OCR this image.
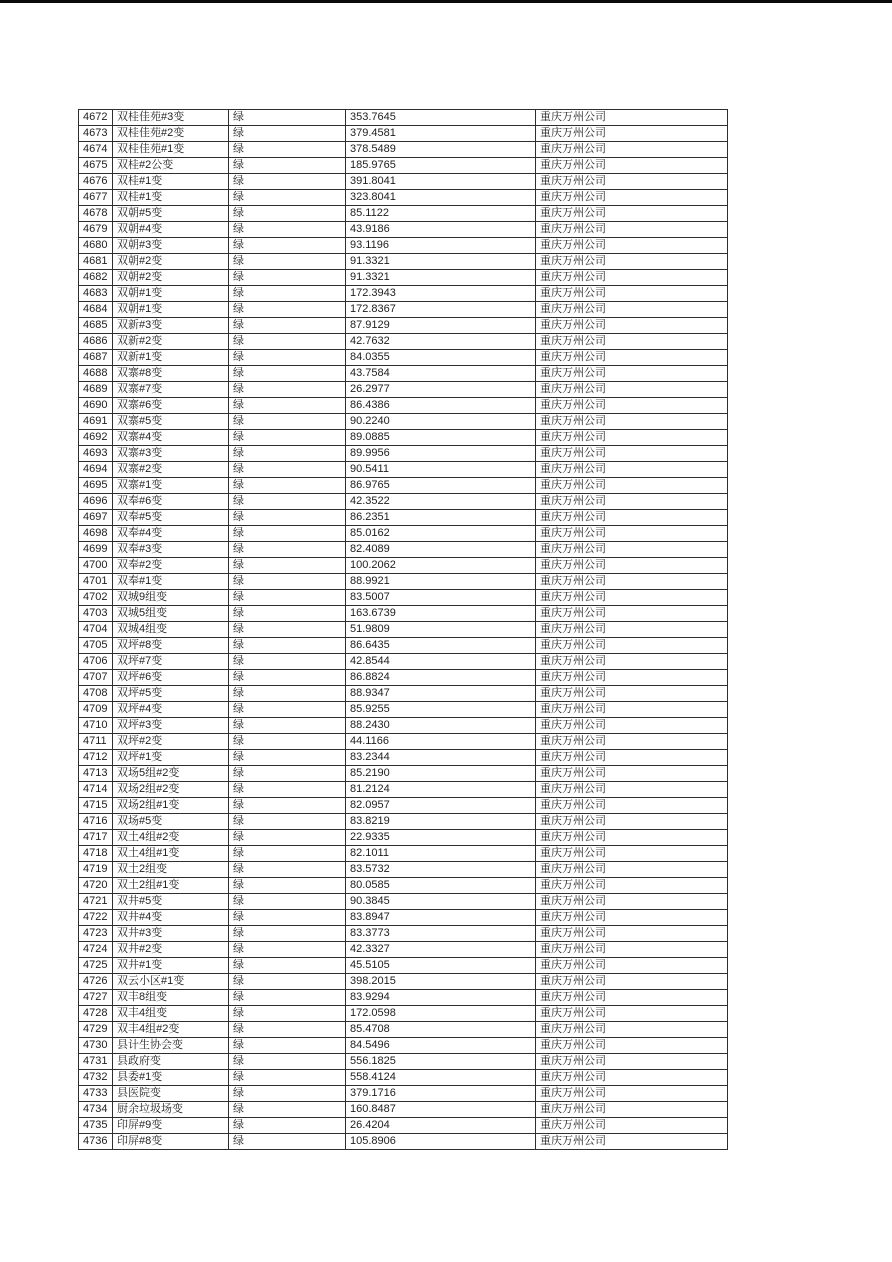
4672	双桂佳苑#3变	绿	353.7645	重庆万州公司
4673	双桂佳苑#2变	绿	379.4581	重庆万州公司
4674	双桂佳苑#1变	绿	378.5489	重庆万州公司
4675	双桂#2公变	绿	185.9765	重庆万州公司
4676	双桂#1变	绿	391.8041	重庆万州公司
4677	双桂#1变	绿	323.8041	重庆万州公司
4678	双朝#5变	绿	85.1122	重庆万州公司
4679	双朝#4变	绿	43.9186	重庆万州公司
4680	双朝#3变	绿	93.1196	重庆万州公司
4681	双朝#2变	绿	91.3321	重庆万州公司
4682	双朝#2变	绿	91.3321	重庆万州公司
4683	双朝#1变	绿	172.3943	重庆万州公司
4684	双朝#1变	绿	172.8367	重庆万州公司
4685	双新#3变	绿	87.9129	重庆万州公司
4686	双新#2变	绿	42.7632	重庆万州公司
4687	双新#1变	绿	84.0355	重庆万州公司
4688	双寨#8变	绿	43.7584	重庆万州公司
4689	双寨#7变	绿	26.2977	重庆万州公司
4690	双寨#6变	绿	86.4386	重庆万州公司
4691	双寨#5变	绿	90.2240	重庆万州公司
4692	双寨#4变	绿	89.0885	重庆万州公司
4693	双寨#3变	绿	89.9956	重庆万州公司
4694	双寨#2变	绿	90.5411	重庆万州公司
4695	双寨#1变	绿	86.9765	重庆万州公司
4696	双奉#6变	绿	42.3522	重庆万州公司
4697	双奉#5变	绿	86.2351	重庆万州公司
4698	双奉#4变	绿	85.0162	重庆万州公司
4699	双奉#3变	绿	82.4089	重庆万州公司
4700	双奉#2变	绿	100.2062	重庆万州公司
4701	双奉#1变	绿	88.9921	重庆万州公司
4702	双城9组变	绿	83.5007	重庆万州公司
4703	双城5组变	绿	163.6739	重庆万州公司
4704	双城4组变	绿	51.9809	重庆万州公司
4705	双坪#8变	绿	86.6435	重庆万州公司
4706	双坪#7变	绿	42.8544	重庆万州公司
4707	双坪#6变	绿	86.8824	重庆万州公司
4708	双坪#5变	绿	88.9347	重庆万州公司
4709	双坪#4变	绿	85.9255	重庆万州公司
4710	双坪#3变	绿	88.2430	重庆万州公司
4711	双坪#2变	绿	44.1166	重庆万州公司
4712	双坪#1变	绿	83.2344	重庆万州公司
4713	双场5组#2变	绿	85.2190	重庆万州公司
4714	双场2组#2变	绿	81.2124	重庆万州公司
4715	双场2组#1变	绿	82.0957	重庆万州公司
4716	双场#5变	绿	83.8219	重庆万州公司
4717	双土4组#2变	绿	22.9335	重庆万州公司
4718	双土4组#1变	绿	82.1011	重庆万州公司
4719	双土2组变	绿	83.5732	重庆万州公司
4720	双土2组#1变	绿	80.0585	重庆万州公司
4721	双井#5变	绿	90.3845	重庆万州公司
4722	双井#4变	绿	83.8947	重庆万州公司
4723	双井#3变	绿	83.3773	重庆万州公司
4724	双井#2变	绿	42.3327	重庆万州公司
4725	双井#1变	绿	45.5105	重庆万州公司
4726	双云小区#1变	绿	398.2015	重庆万州公司
4727	双丰8组变	绿	83.9294	重庆万州公司
4728	双丰4组变	绿	172.0598	重庆万州公司
4729	双丰4组#2变	绿	85.4708	重庆万州公司
4730	县计生协会变	绿	84.5496	重庆万州公司
4731	县政府变	绿	556.1825	重庆万州公司
4732	县委#1变	绿	558.4124	重庆万州公司
4733	县医院变	绿	379.1716	重庆万州公司
4734	厨余垃圾场变	绿	160.8487	重庆万州公司
4735	印屏#9变	绿	26.4204	重庆万州公司
4736	印屏#8变	绿	105.8906	重庆万州公司
